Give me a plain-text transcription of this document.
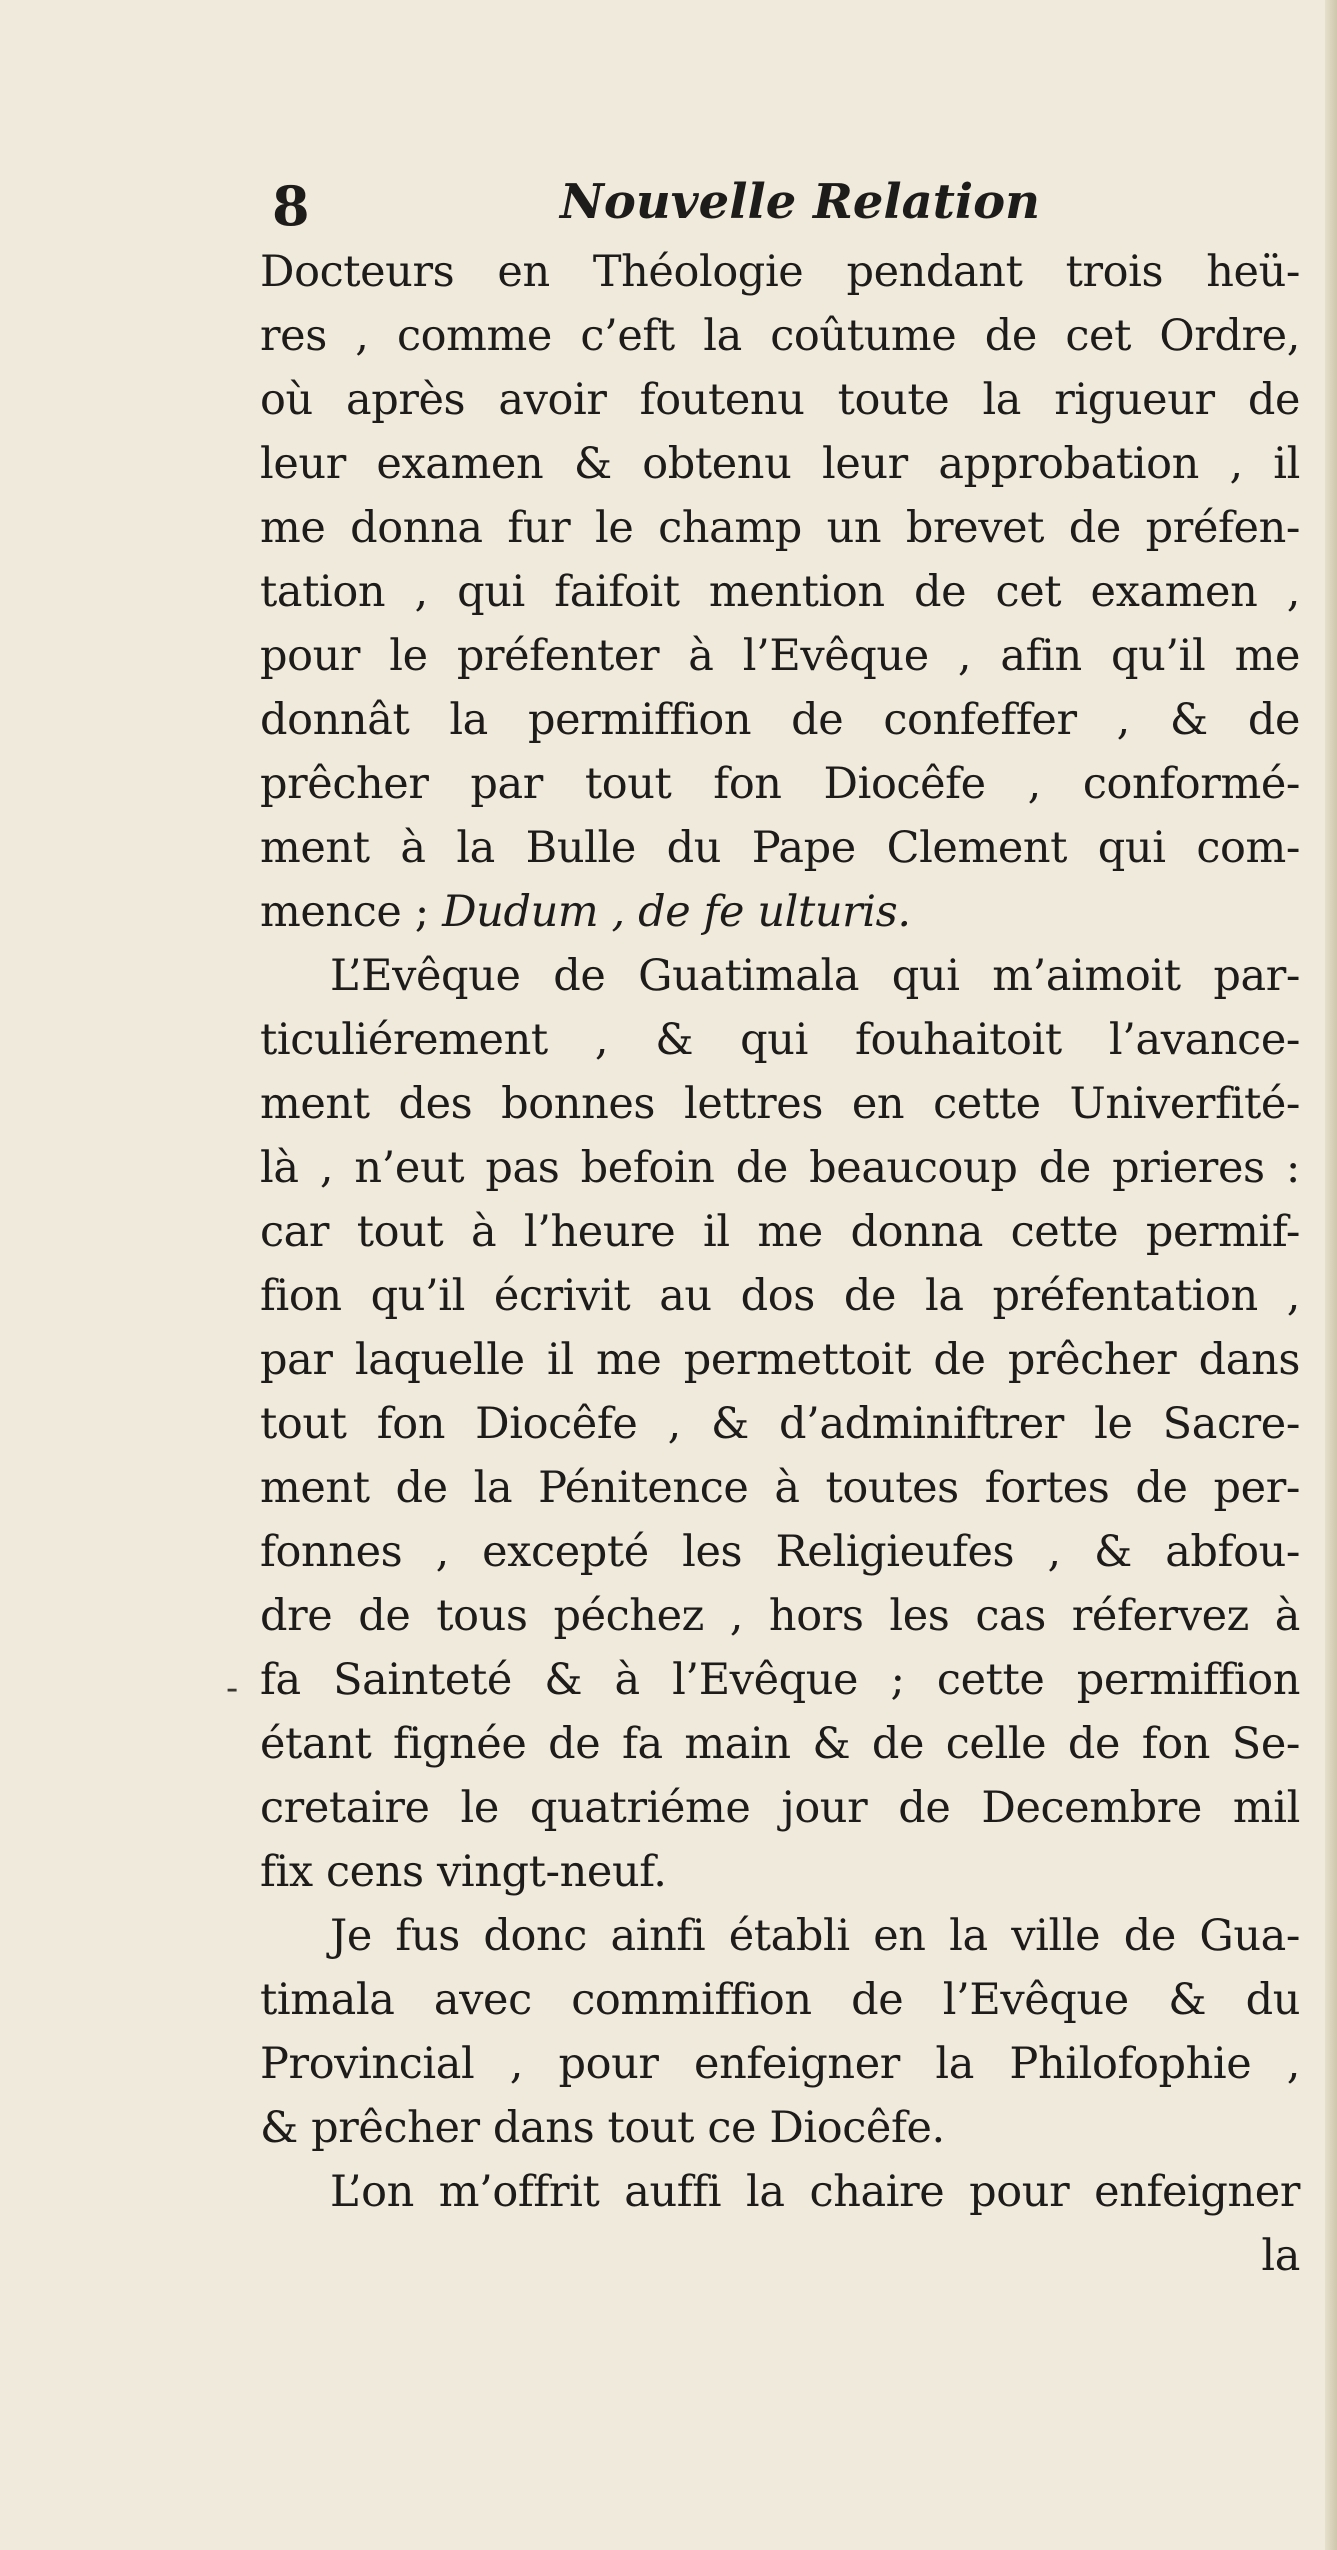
8	Nouvelle Relation
Docteurs en Théologie pendant trois heü-
res , comme c’eft la coûtume de cet Ordre,
où après avoir foutenu toute la rigueur de
leur examen & obtenu leur approbation , il
me donna fur le champ un brevet de préfen-
tation , qui faifoit mention de cet examen ,
pour le préfenter à l’Evêque , afin qu’il me
donnât la permiffion de confeffer , & de
prêcher par tout fon Diocêfe , conformé-
ment à la Bulle du Pape Clement qui com-
mence ; Dudum , de fe ulturis.
L’Evêque de Guatimala qui m’aimoit par-
ticuliérement , & qui fouhaitoit l’avance-
ment des bonnes lettres en cette Univerfité-
là , n’eut pas befoin de beaucoup de prieres :
car tout à l’heure il me donna cette permif-
fion qu’il écrivit au dos de la préfentation ,
par laquelle il me permettoit de prêcher dans
tout fon Diocêfe , & d’adminiftrer le Sacre-
ment de la Pénitence à toutes fortes de per-
fonnes , excepté les Religieufes , & abfou-
dre de tous péchez , hors les cas réfervez à
fa Sainteté & à l’Evêque ; cette permiffion
étant fignée de fa main & de celle de fon Se-
cretaire le quatriéme jour de Decembre mil
fix cens vingt-neuf.
Je fus donc ainfi établi en la ville de Gua-
timala avec commiffion de l’Evêque & du
Provincial , pour enfeigner la Philofophie ,
& prêcher dans tout ce Diocêfe.
L’on m’offrit auffi la chaire pour enfeigner
la
-
